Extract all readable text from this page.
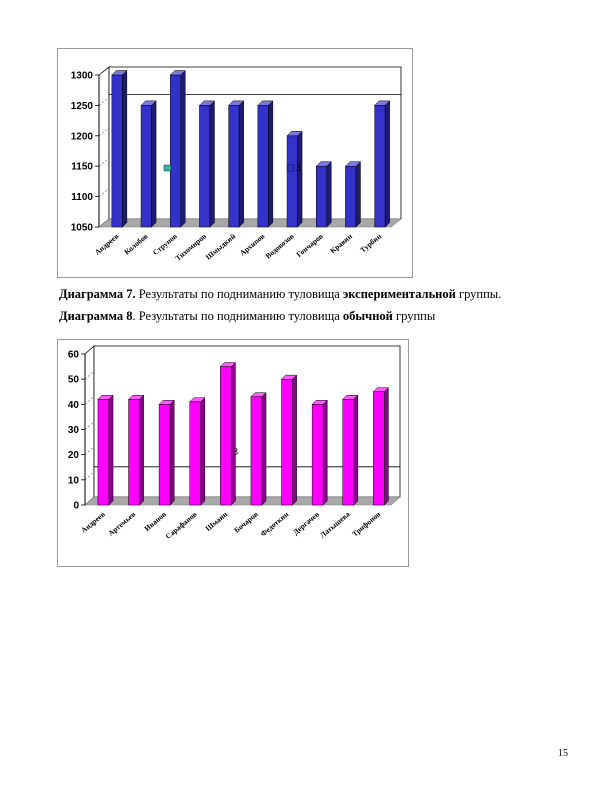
1050
1100
1150
1200
1250
1300
Андреев Колобов Струнов
Тихомиров
Шмыдкий Архипов
Водовозов
Гончаров Кравин Турбин
3
Диаграмма 7. Результаты по подниманию туловища экспериментальной группы.
Диаграмма 8. Результаты по подниманию туловища обычной группы
0
10
20
30
40
50
60
Андреев Артемьев Иванов
Сарафанов Шмаин Бочаров
Федоткин Дергачев
Латышева
Трифонов
3
15
